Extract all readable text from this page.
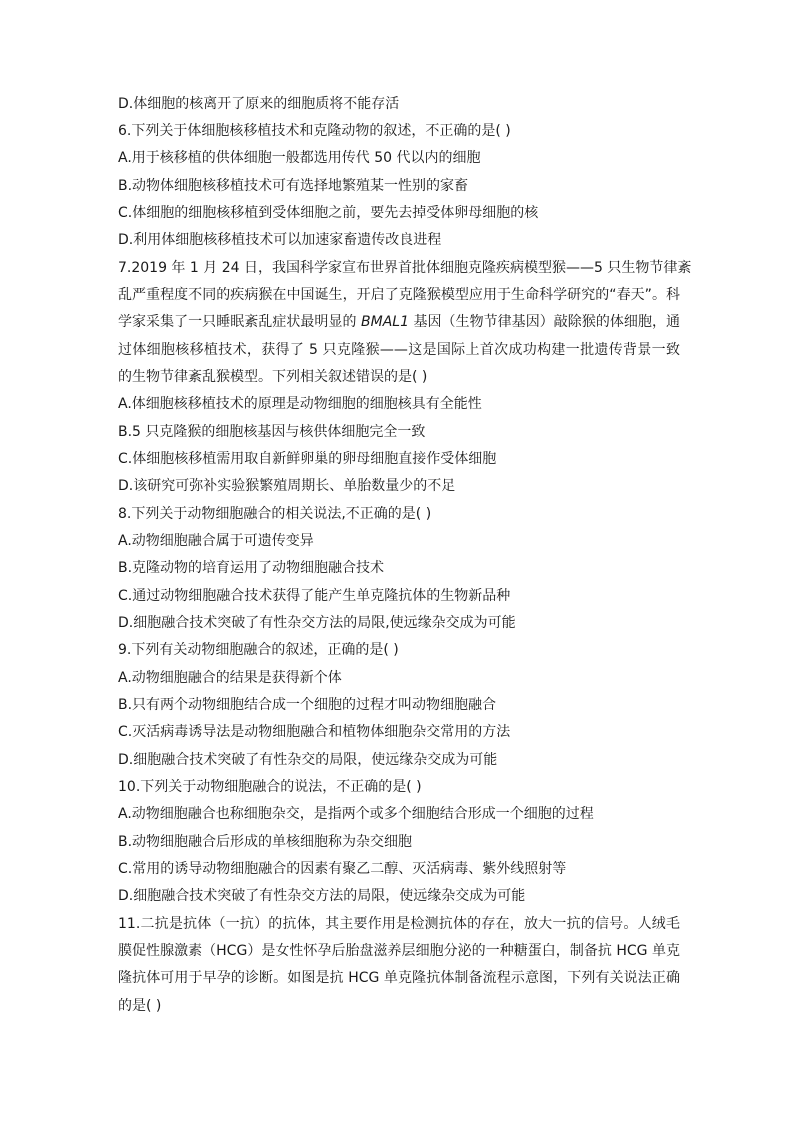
D.体细胞的核离开了原来的细胞质将不能存活
6.下列关于体细胞核移植技术和克隆动物的叙述，不正确的是( )
A.用于核移植的供体细胞一般都选用传代 50 代以内的细胞
B.动物体细胞核移植技术可有选择地繁殖某一性别的家畜
C.体细胞的细胞核移植到受体细胞之前，要先去掉受体卵母细胞的核
D.利用体细胞核移植技术可以加速家畜遗传改良进程
7.2019 年 1 月 24 日，我国科学家宣布世界首批体细胞克隆疾病模型猴——5 只生物节律紊
乱严重程度不同的疾病猴在中国诞生，开启了克隆猴模型应用于生命科学研究的“春天”。科
学家采集了一只睡眠紊乱症状最明显的 BMAL1 基因（生物节律基因）敲除猴的体细胞，通
过体细胞核移植技术，获得了 5 只克隆猴——这是国际上首次成功构建一批遗传背景一致
的生物节律紊乱猴模型。下列相关叙述错误的是( )
A.体细胞核移植技术的原理是动物细胞的细胞核具有全能性
B.5 只克隆猴的细胞核基因与核供体细胞完全一致
C.体细胞核移植需用取自新鲜卵巢的卵母细胞直接作受体细胞
D.该研究可弥补实验猴繁殖周期长、单胎数量少的不足
8.下列关于动物细胞融合的相关说法,不正确的是( )
A.动物细胞融合属于可遗传变异
B.克隆动物的培育运用了动物细胞融合技术
C.通过动物细胞融合技术获得了能产生单克隆抗体的生物新品种
D.细胞融合技术突破了有性杂交方法的局限,使远缘杂交成为可能
9.下列有关动物细胞融合的叙述，正确的是( )
A.动物细胞融合的结果是获得新个体
B.只有两个动物细胞结合成一个细胞的过程才叫动物细胞融合
C.灭活病毒诱导法是动物细胞融合和植物体细胞杂交常用的方法
D.细胞融合技术突破了有性杂交的局限，使远缘杂交成为可能
10.下列关于动物细胞融合的说法，不正确的是( )
A.动物细胞融合也称细胞杂交，是指两个或多个细胞结合形成一个细胞的过程
B.动物细胞融合后形成的单核细胞称为杂交细胞
C.常用的诱导动物细胞融合的因素有聚乙二醇、灭活病毒、紫外线照射等
D.细胞融合技术突破了有性杂交方法的局限，使远缘杂交成为可能
11.二抗是抗体（一抗）的抗体，其主要作用是检测抗体的存在，放大一抗的信号。人绒毛
膜促性腺激素（HCG）是女性怀孕后胎盘滋养层细胞分泌的一种糖蛋白，制备抗 HCG 单克
隆抗体可用于早孕的诊断。如图是抗 HCG 单克隆抗体制备流程示意图，下列有关说法正确
的是( )
